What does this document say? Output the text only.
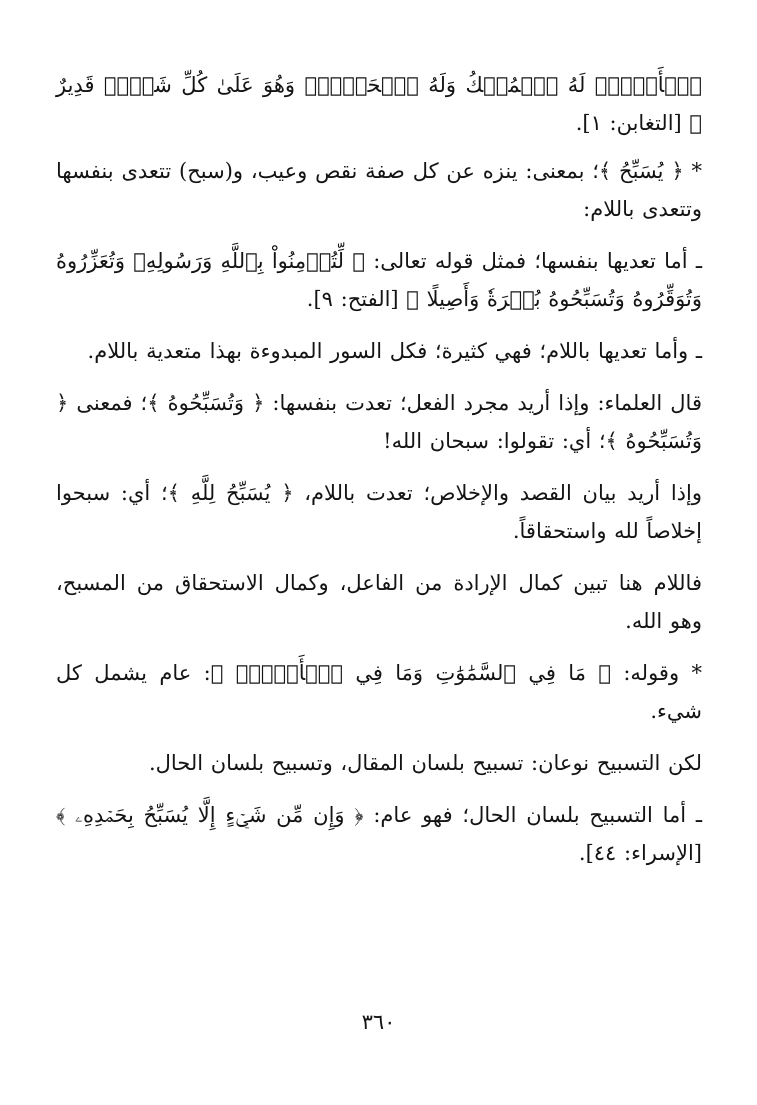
ٱلۡأَرۡضِۖ لَهُ ٱلۡمُلۡكُ وَلَهُ ٱلۡحَمۡدُۖ وَهُوَ عَلَىٰ كُلِّ شَيۡءٖ قَدِيرٌ ﴾ [التغابن: ١].

* ﴿ يُسَبِّحُ ﴾؛ بمعنى: ينزه عن كل صفة نقص وعيب، و(سبح) تتعدى بنفسها وتتعدى باللام:

ـ أما تعديها بنفسها؛ فمثل قوله تعالى: ﴿ لِّتُؤۡمِنُواْ بِٱللَّهِ وَرَسُولِهِۦ وَتُعَزِّرُوهُ وَتُوَقِّرُوهُ وَتُسَبِّحُوهُ بُكۡرَةٗ وَأَصِيلًا ﴾ [الفتح: ٩].

ـ وأما تعديها باللام؛ فهي كثيرة؛ فكل السور المبدوءة بهذا متعدية باللام.

قال العلماء: وإذا أريد مجرد الفعل؛ تعدت بنفسها: ﴿ وَتُسَبِّحُوهُ ﴾؛ فمعنى ﴿ وَتُسَبِّحُوهُ ﴾؛ أي: تقولوا: سبحان الله!

وإذا أريد بيان القصد والإخلاص؛ تعدت باللام، ﴿ يُسَبِّحُ لِلَّهِ ﴾؛ أي: سبحوا إخلاصاً لله واستحقاقاً.

فاللام هنا تبين كمال الإرادة من الفاعل، وكمال الاستحقاق من المسبح، وهو الله.

* وقوله: ﴿ مَا فِي ٱلسَّمَٰوَٰتِ وَمَا فِي ٱلۡأَرۡضِۖ ﴾: عام يشمل كل شيء.

لكن التسبيح نوعان: تسبيح بلسان المقال، وتسبيح بلسان الحال.

ـ أما التسبيح بلسان الحال؛ فهو عام: ﴿ وَإِن مِّن شَيۡءٍ إِلَّا يُسَبِّحُ بِحَمۡدِهِۦ ﴾ [الإسراء: ٤٤].

٣٦٠
